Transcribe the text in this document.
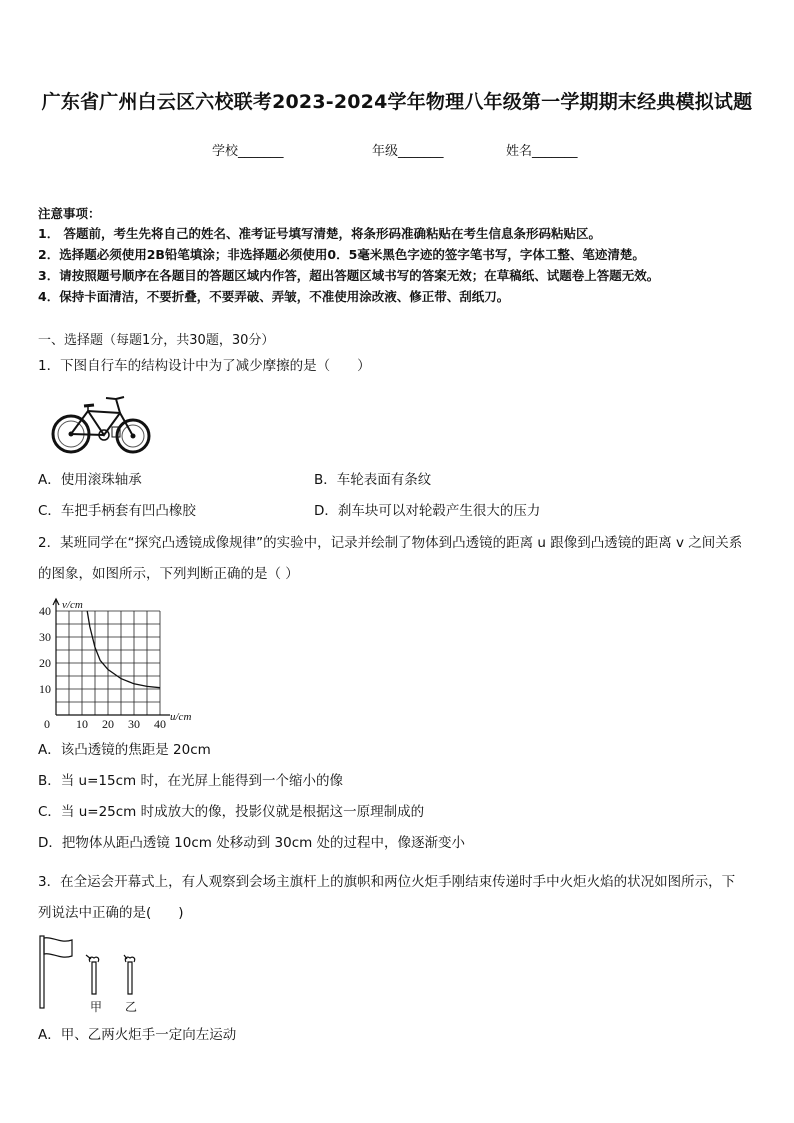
广东省广州白云区六校联考2023-2024学年物理八年级第一学期期末经典模拟试题
学校_______	年级_______	姓名_______
注意事项：
1． 答题前，考生先将自己的姓名、准考证号填写清楚，将条形码准确粘贴在考生信息条形码粘贴区。
2．选择题必须使用2B铅笔填涂；非选择题必须使用0．5毫米黑色字迹的签字笔书写，字体工整、笔迹清楚。
3．请按照题号顺序在各题目的答题区域内作答，超出答题区域书写的答案无效；在草稿纸、试题卷上答题无效。
4．保持卡面清洁，不要折叠，不要弄破、弄皱，不准使用涂改液、修正带、刮纸刀。
一、选择题（每题1分，共30题，30分）
1．下图自行车的结构设计中为了减少摩擦的是（　　）
A．使用滚珠轴承	B．车轮表面有条纹
C．车把手柄套有凹凸橡胶	D．刹车块可以对轮毂产生很大的压力
2．某班同学在“探究凸透镜成像规律”的实验中，记录并绘制了物体到凸透镜的距离 u 跟像到凸透镜的距离 v 之间关系
的图象，如图所示，下列判断正确的是（ ）
0 10 20 30 40
10
20
30
40 v/cm
u/cm
A．该凸透镜的焦距是 20cm
B．当 u=15cm 时，在光屏上能得到一个缩小的像
C．当 u=25cm 时成放大的像，投影仪就是根据这一原理制成的
D．把物体从距凸透镜 10cm 处移动到 30cm 处的过程中，像逐渐变小
3．在全运会开幕式上，有人观察到会场主旗杆上的旗帜和两位火炬手刚结束传递时手中火炬火焰的状况如图所示，下
列说法中正确的是(　　)
甲 乙
A．甲、乙两火炬手一定向左运动
